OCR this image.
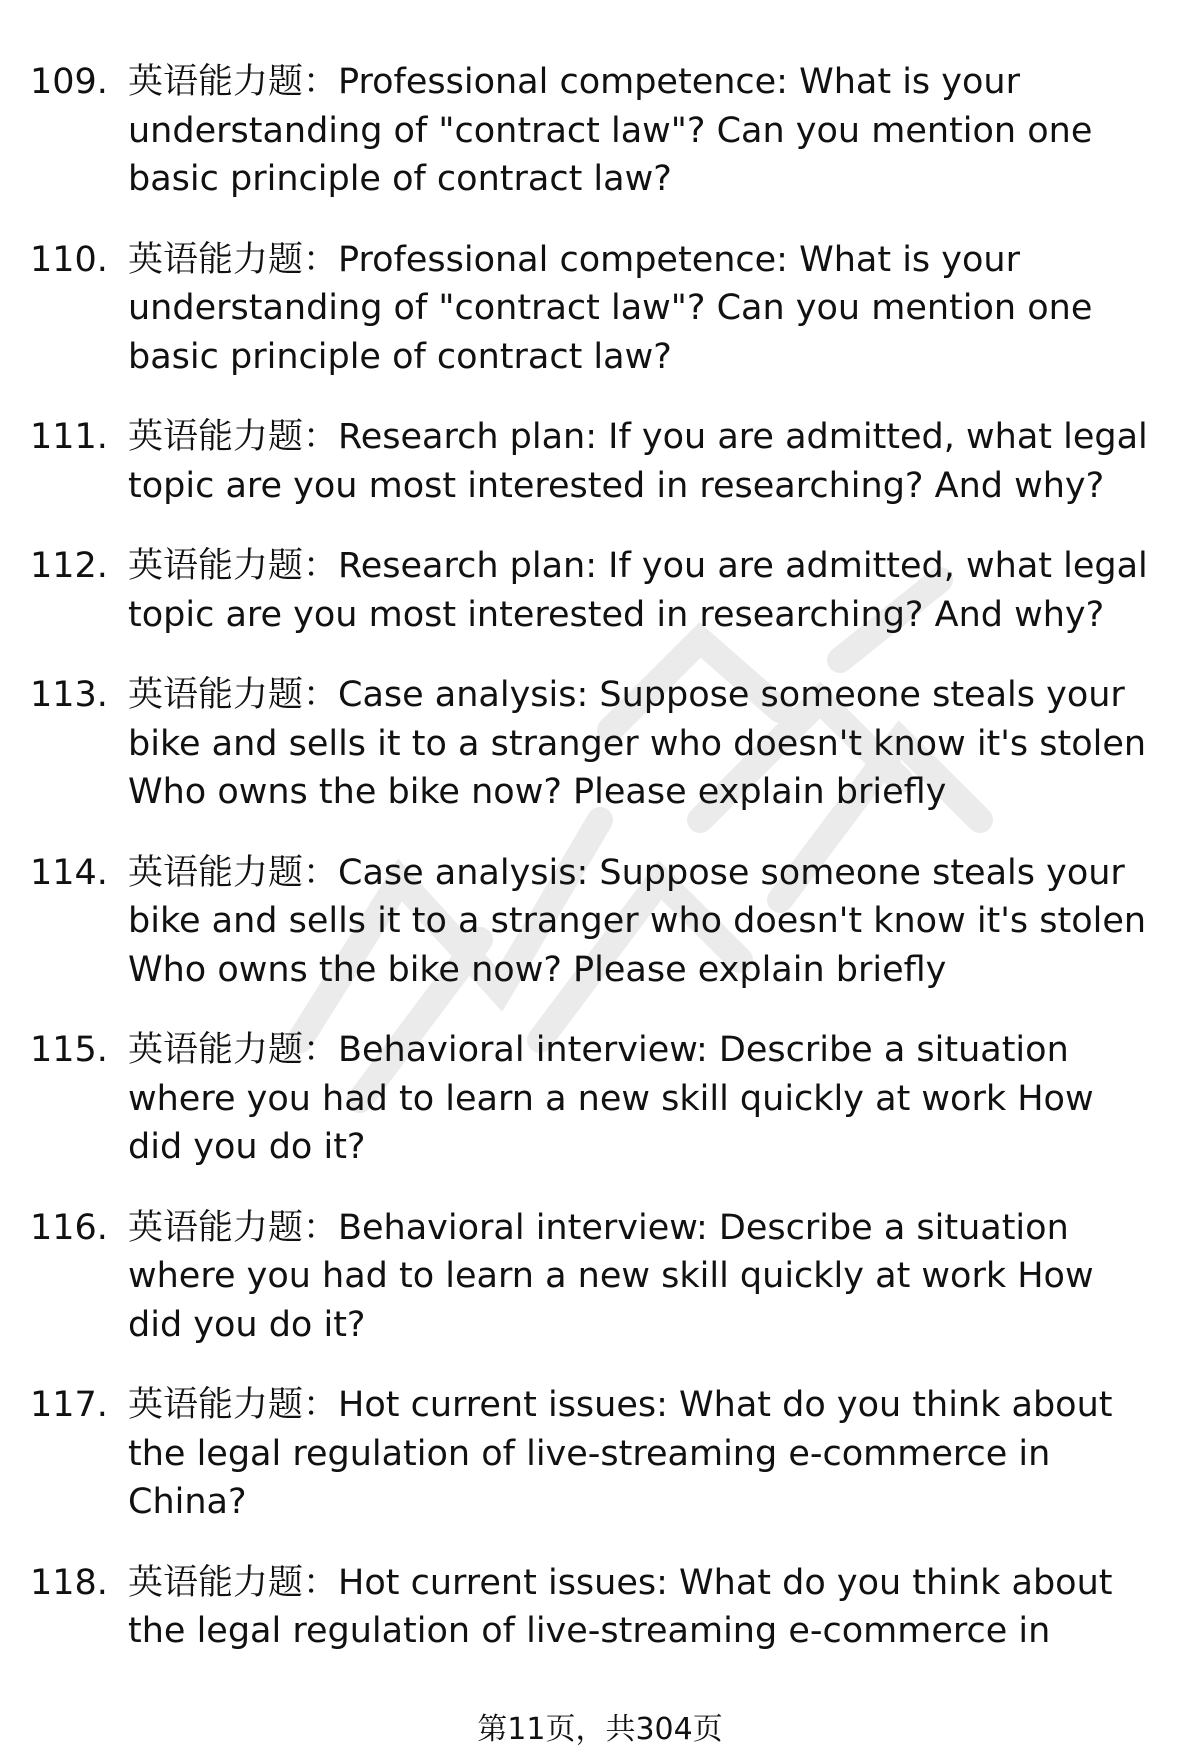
109. 英语能力题：Professional competence: What is your understanding of "contract law"? Can you mention one basic principle of contract law?
110. 英语能力题：Professional competence: What is your understanding of "contract law"? Can you mention one basic principle of contract law?
111. 英语能力题：Research plan: If you are admitted, what legal topic are you most interested in researching? And why?
112. 英语能力题：Research plan: If you are admitted, what legal topic are you most interested in researching? And why?
113. 英语能力题：Case analysis: Suppose someone steals your bike and sells it to a stranger who doesn't know it's stolen Who owns the bike now? Please explain briefly
114. 英语能力题：Case analysis: Suppose someone steals your bike and sells it to a stranger who doesn't know it's stolen Who owns the bike now? Please explain briefly
115. 英语能力题：Behavioral interview: Describe a situation where you had to learn a new skill quickly at work How did you do it?
116. 英语能力题：Behavioral interview: Describe a situation where you had to learn a new skill quickly at work How did you do it?
117. 英语能力题：Hot current issues: What do you think about the legal regulation of live-streaming e-commerce in China?
118. 英语能力题：Hot current issues: What do you think about the legal regulation of live-streaming e-commerce in
第11页，共304页
